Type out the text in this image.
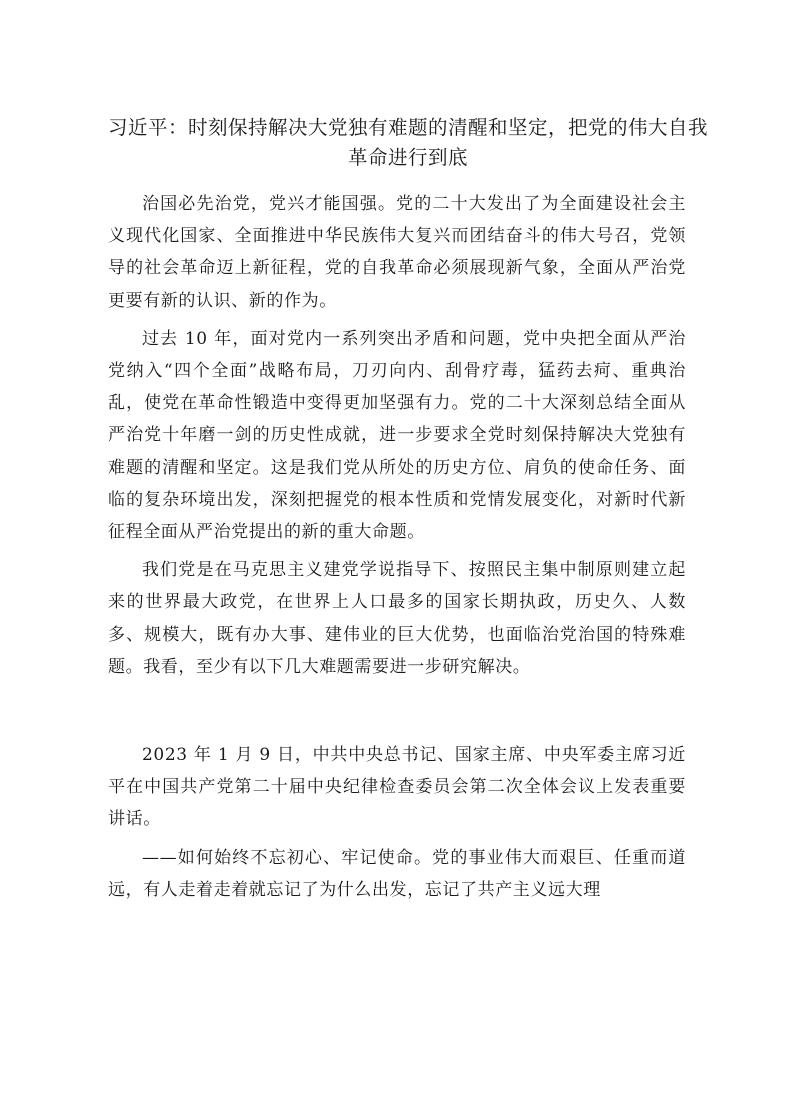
习近平：时刻保持解决大党独有难题的清醒和坚定，把党的伟大自我革命进行到底

治国必先治党，党兴才能国强。党的二十大发出了为全面建设社会主义现代化国家、全面推进中华民族伟大复兴而团结奋斗的伟大号召，党领导的社会革命迈上新征程，党的自我革命必须展现新气象，全面从严治党更要有新的认识、新的作为。

过去 10 年，面对党内一系列突出矛盾和问题，党中央把全面从严治党纳入“四个全面”战略布局，刀刃向内、刮骨疗毒，猛药去疴、重典治乱，使党在革命性锻造中变得更加坚强有力。党的二十大深刻总结全面从严治党十年磨一剑的历史性成就，进一步要求全党时刻保持解决大党独有难题的清醒和坚定。这是我们党从所处的历史方位、肩负的使命任务、面临的复杂环境出发，深刻把握党的根本性质和党情发展变化，对新时代新征程全面从严治党提出的新的重大命题。

我们党是在马克思主义建党学说指导下、按照民主集中制原则建立起来的世界最大政党，在世界上人口最多的国家长期执政，历史久、人数多、规模大，既有办大事、建伟业的巨大优势，也面临治党治国的特殊难题。我看，至少有以下几大难题需要进一步研究解决。

2023 年 1 月 9 日，中共中央总书记、国家主席、中央军委主席习近平在中国共产党第二十届中央纪律检查委员会第二次全体会议上发表重要讲话。

——如何始终不忘初心、牢记使命。党的事业伟大而艰巨、任重而道远，有人走着走着就忘记了为什么出发，忘记了共产主义远大理
